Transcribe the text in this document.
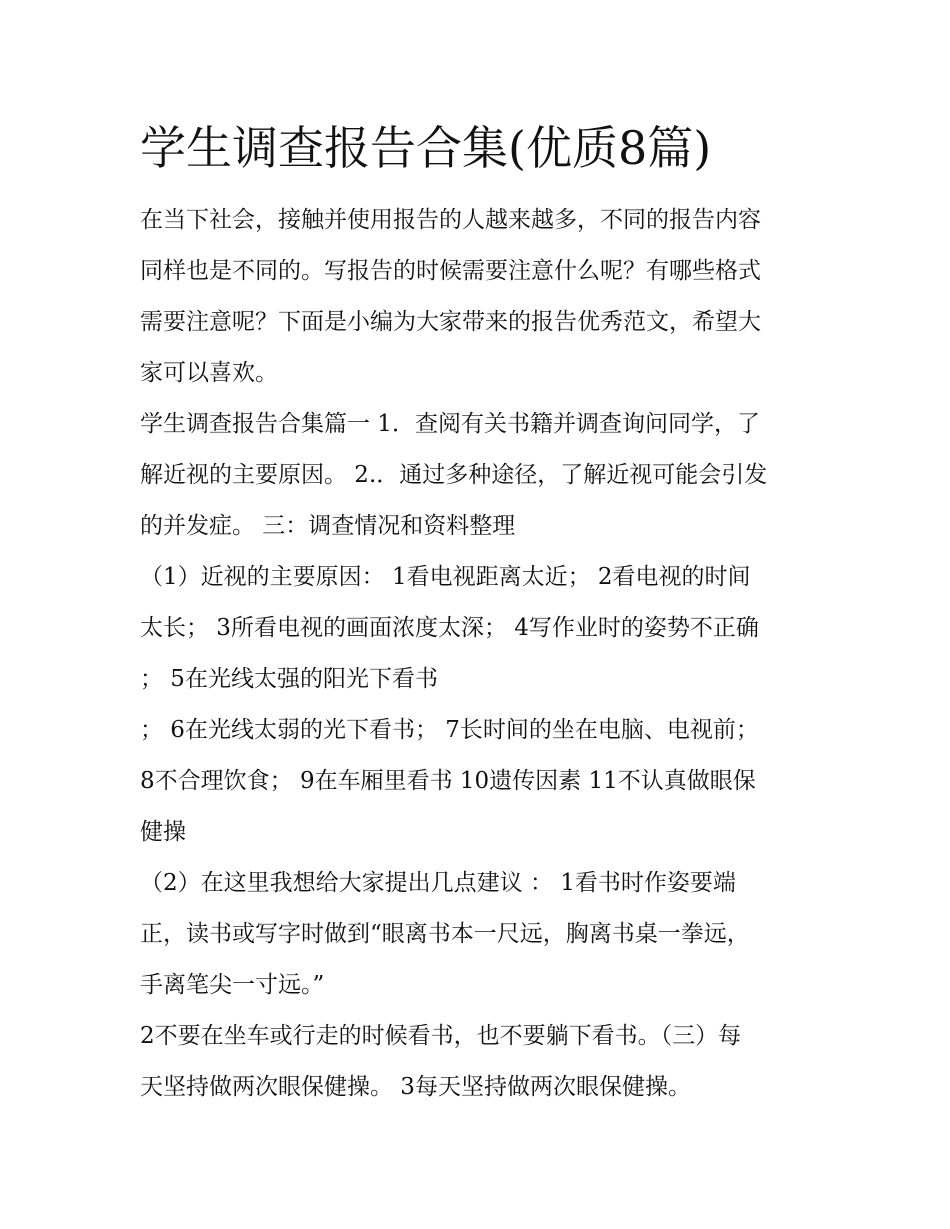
学生调查报告合集(优质8篇)

在当下社会，接触并使用报告的人越来越多，不同的报告内容

同样也是不同的。写报告的时候需要注意什么呢？有哪些格式

需要注意呢？下面是小编为大家带来的报告优秀范文，希望大

家可以喜欢。

学生调查报告合集篇一 1．查阅有关书籍并调查询问同学，了

解近视的主要原因。 2.．通过多种途径，了解近视可能会引发

的并发症。 三：调查情况和资料整理

（1）近视的主要原因： 1看电视距离太近； 2看电视的时间

太长； 3所看电视的画面浓度太深； 4写作业时的姿势不正确

； 5在光线太强的阳光下看书

； 6在光线太弱的光下看书； 7长时间的坐在电脑、电视前；

8不合理饮食； 9在车厢里看书 10遗传因素 11不认真做眼保

健操

（2）在这里我想给大家提出几点建议 ： 1看书时作姿要端

正，读书或写字时做到“眼离书本一尺远，胸离书桌一拳远，

手离笔尖一寸远。”

2不要在坐车或行走的时候看书，也不要躺下看书。（三）每

天坚持做两次眼保健操。 3每天坚持做两次眼保健操。
